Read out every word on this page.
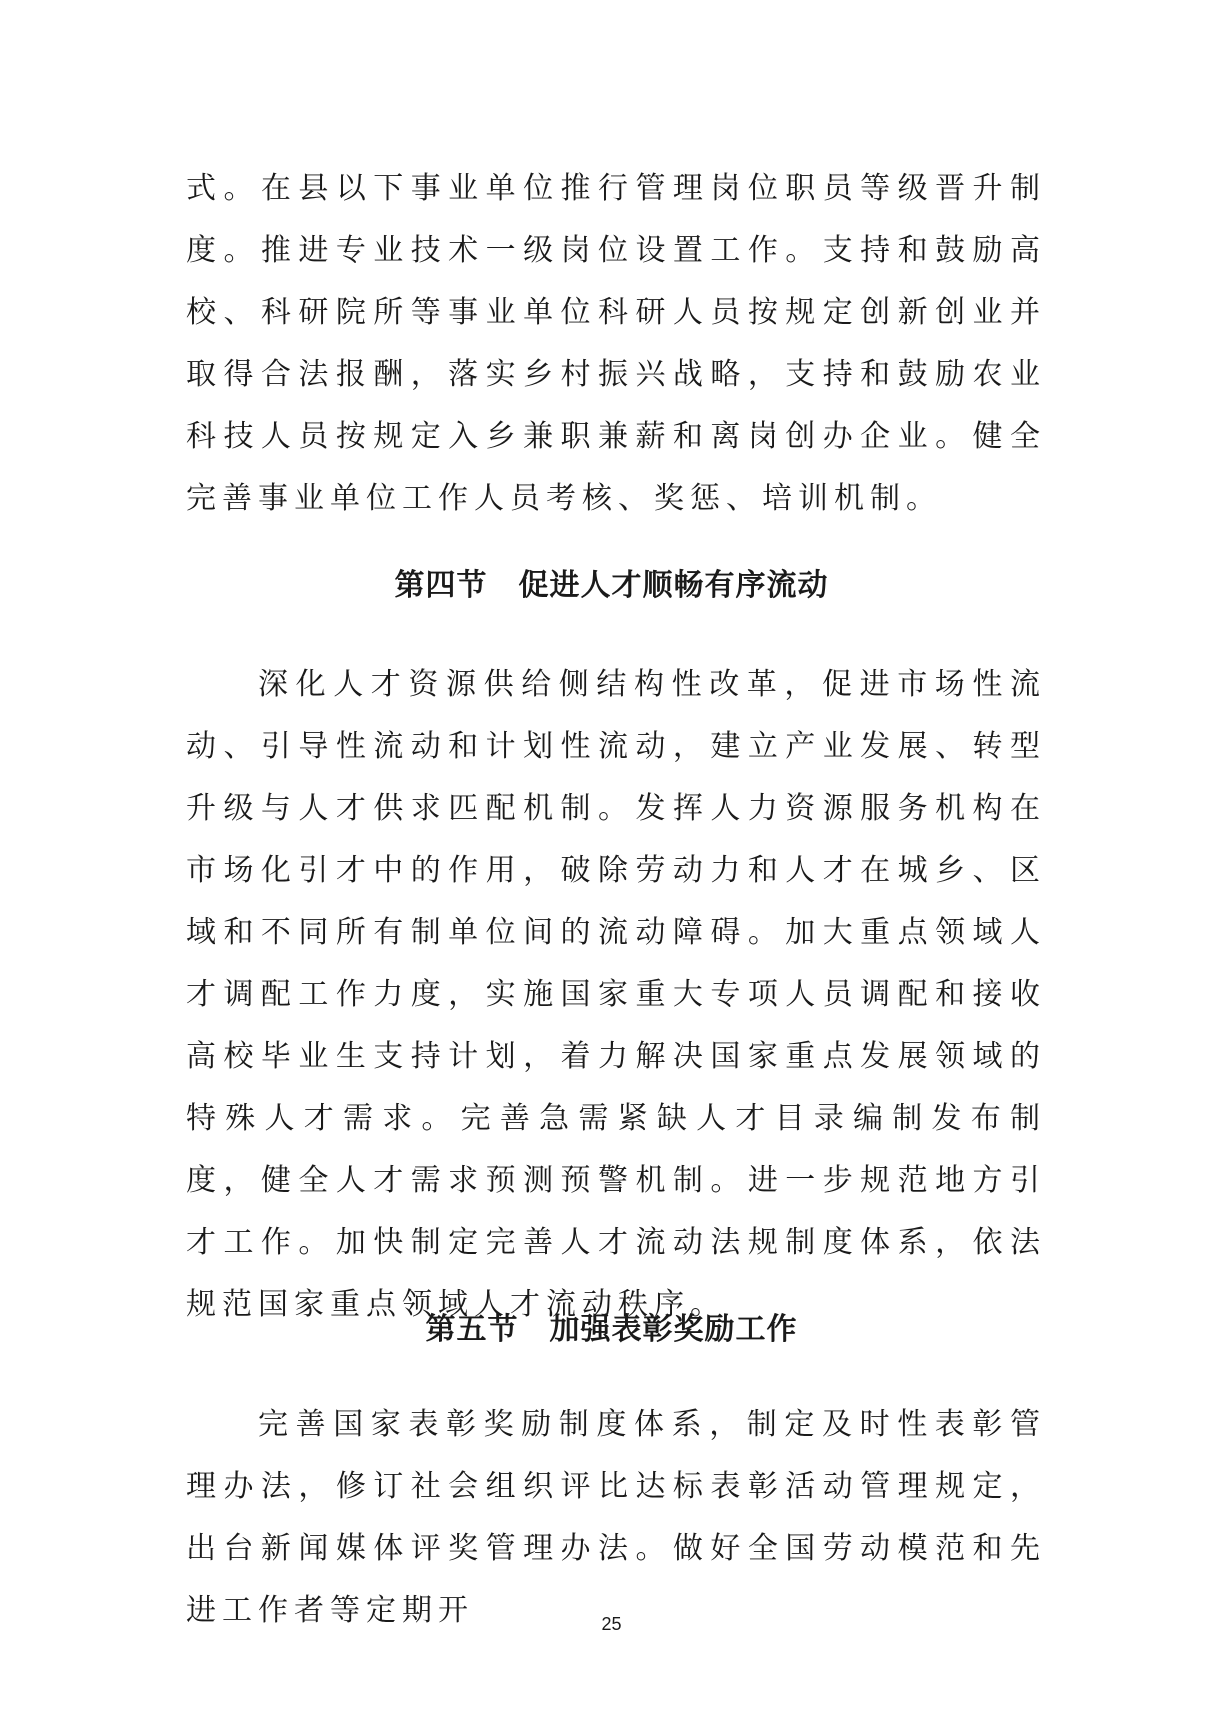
式。在县以下事业单位推行管理岗位职员等级晋升制度。推进专业技术一级岗位设置工作。支持和鼓励高校、科研院所等事业单位科研人员按规定创新创业并取得合法报酬，落实乡村振兴战略，支持和鼓励农业科技人员按规定入乡兼职兼薪和离岗创办企业。健全完善事业单位工作人员考核、奖惩、培训机制。

第四节　促进人才顺畅有序流动

深化人才资源供给侧结构性改革，促进市场性流动、引导性流动和计划性流动，建立产业发展、转型升级与人才供求匹配机制。发挥人力资源服务机构在市场化引才中的作用，破除劳动力和人才在城乡、区域和不同所有制单位间的流动障碍。加大重点领域人才调配工作力度，实施国家重大专项人员调配和接收高校毕业生支持计划，着力解决国家重点发展领域的特殊人才需求。完善急需紧缺人才目录编制发布制度，健全人才需求预测预警机制。进一步规范地方引才工作。加快制定完善人才流动法规制度体系，依法规范国家重点领域人才流动秩序。

第五节　加强表彰奖励工作

完善国家表彰奖励制度体系，制定及时性表彰管理办法，修订社会组织评比达标表彰活动管理规定，出台新闻媒体评奖管理办法。做好全国劳动模范和先进工作者等定期开	25
